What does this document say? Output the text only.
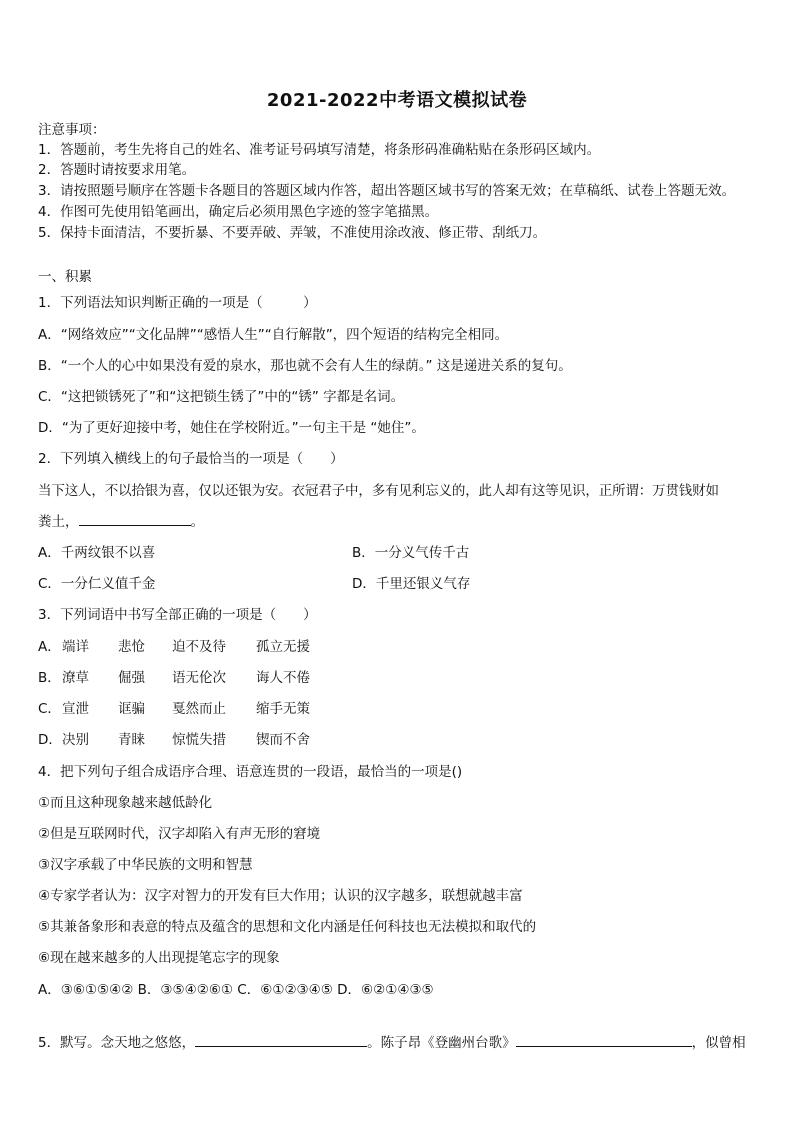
2021-2022中考语文模拟试卷
注意事项：
1．答题前，考生先将自己的姓名、准考证号码填写清楚，将条形码准确粘贴在条形码区域内。
2．答题时请按要求用笔。
3．请按照题号顺序在答题卡各题目的答题区域内作答，超出答题区域书写的答案无效；在草稿纸、试卷上答题无效。
4．作图可先使用铅笔画出，确定后必须用黑色字迹的签字笔描黑。
5．保持卡面清洁，不要折暴、不要弄破、弄皱，不准使用涂改液、修正带、刮纸刀。
一、积累
1．下列语法知识判断正确的一项是（　　　）
A．“网络效应”“文化品牌”“感悟人生”“自行解散”，四个短语的结构完全相同。
B．“一个人的心中如果没有爱的泉水，那也就不会有人生的绿荫。” 这是递进关系的复句。
C．“这把锁锈死了”和“这把锁生锈了”中的“锈” 字都是名词。
D．“为了更好迎接中考，她住在学校附近。”一句主干是 “她住”。
2．下列填入横线上的句子最恰当的一项是（　　）
当下这人，不以拾银为喜，仅以还银为安。衣冠君子中，多有见利忘义的，此人却有这等见识，正所谓：万贯钱财如
粪土，	。
A．千两纹银不以喜	B．一分义气传千古
C．一分仁义值千金	D．千里还银义气存
3．下列词语中书写全部正确的一项是（　　）
A．端详 悲怆 迫不及待 孤立无援
B．潦草 倔强 语无伦次 诲人不倦
C．宣泄 诓骗 戛然而止 缩手无策
D．决别 青睐 惊慌失措 锲而不舍
4．把下列句子组合成语序合理、语意连贯的一段语，最恰当的一项是()
①而且这种现象越来越低龄化
②但是互联网时代，汉字却陷入有声无形的窘境
③汉字承载了中华民族的文明和智慧
④专家学者认为：汉字对智力的开发有巨大作用；认识的汉字越多，联想就越丰富
⑤其兼备象形和表意的特点及蕴含的思想和文化内涵是任何科技也无法模拟和取代的
⑥现在越来越多的人出现提笔忘字的现象
A．③⑥①⑤④② B．③⑤④②⑥① C．⑥①②③④⑤ D．⑥②①④③⑤
5．默写。念天地之悠悠，	。陈子昂《登幽州台歌》	，似曾相
